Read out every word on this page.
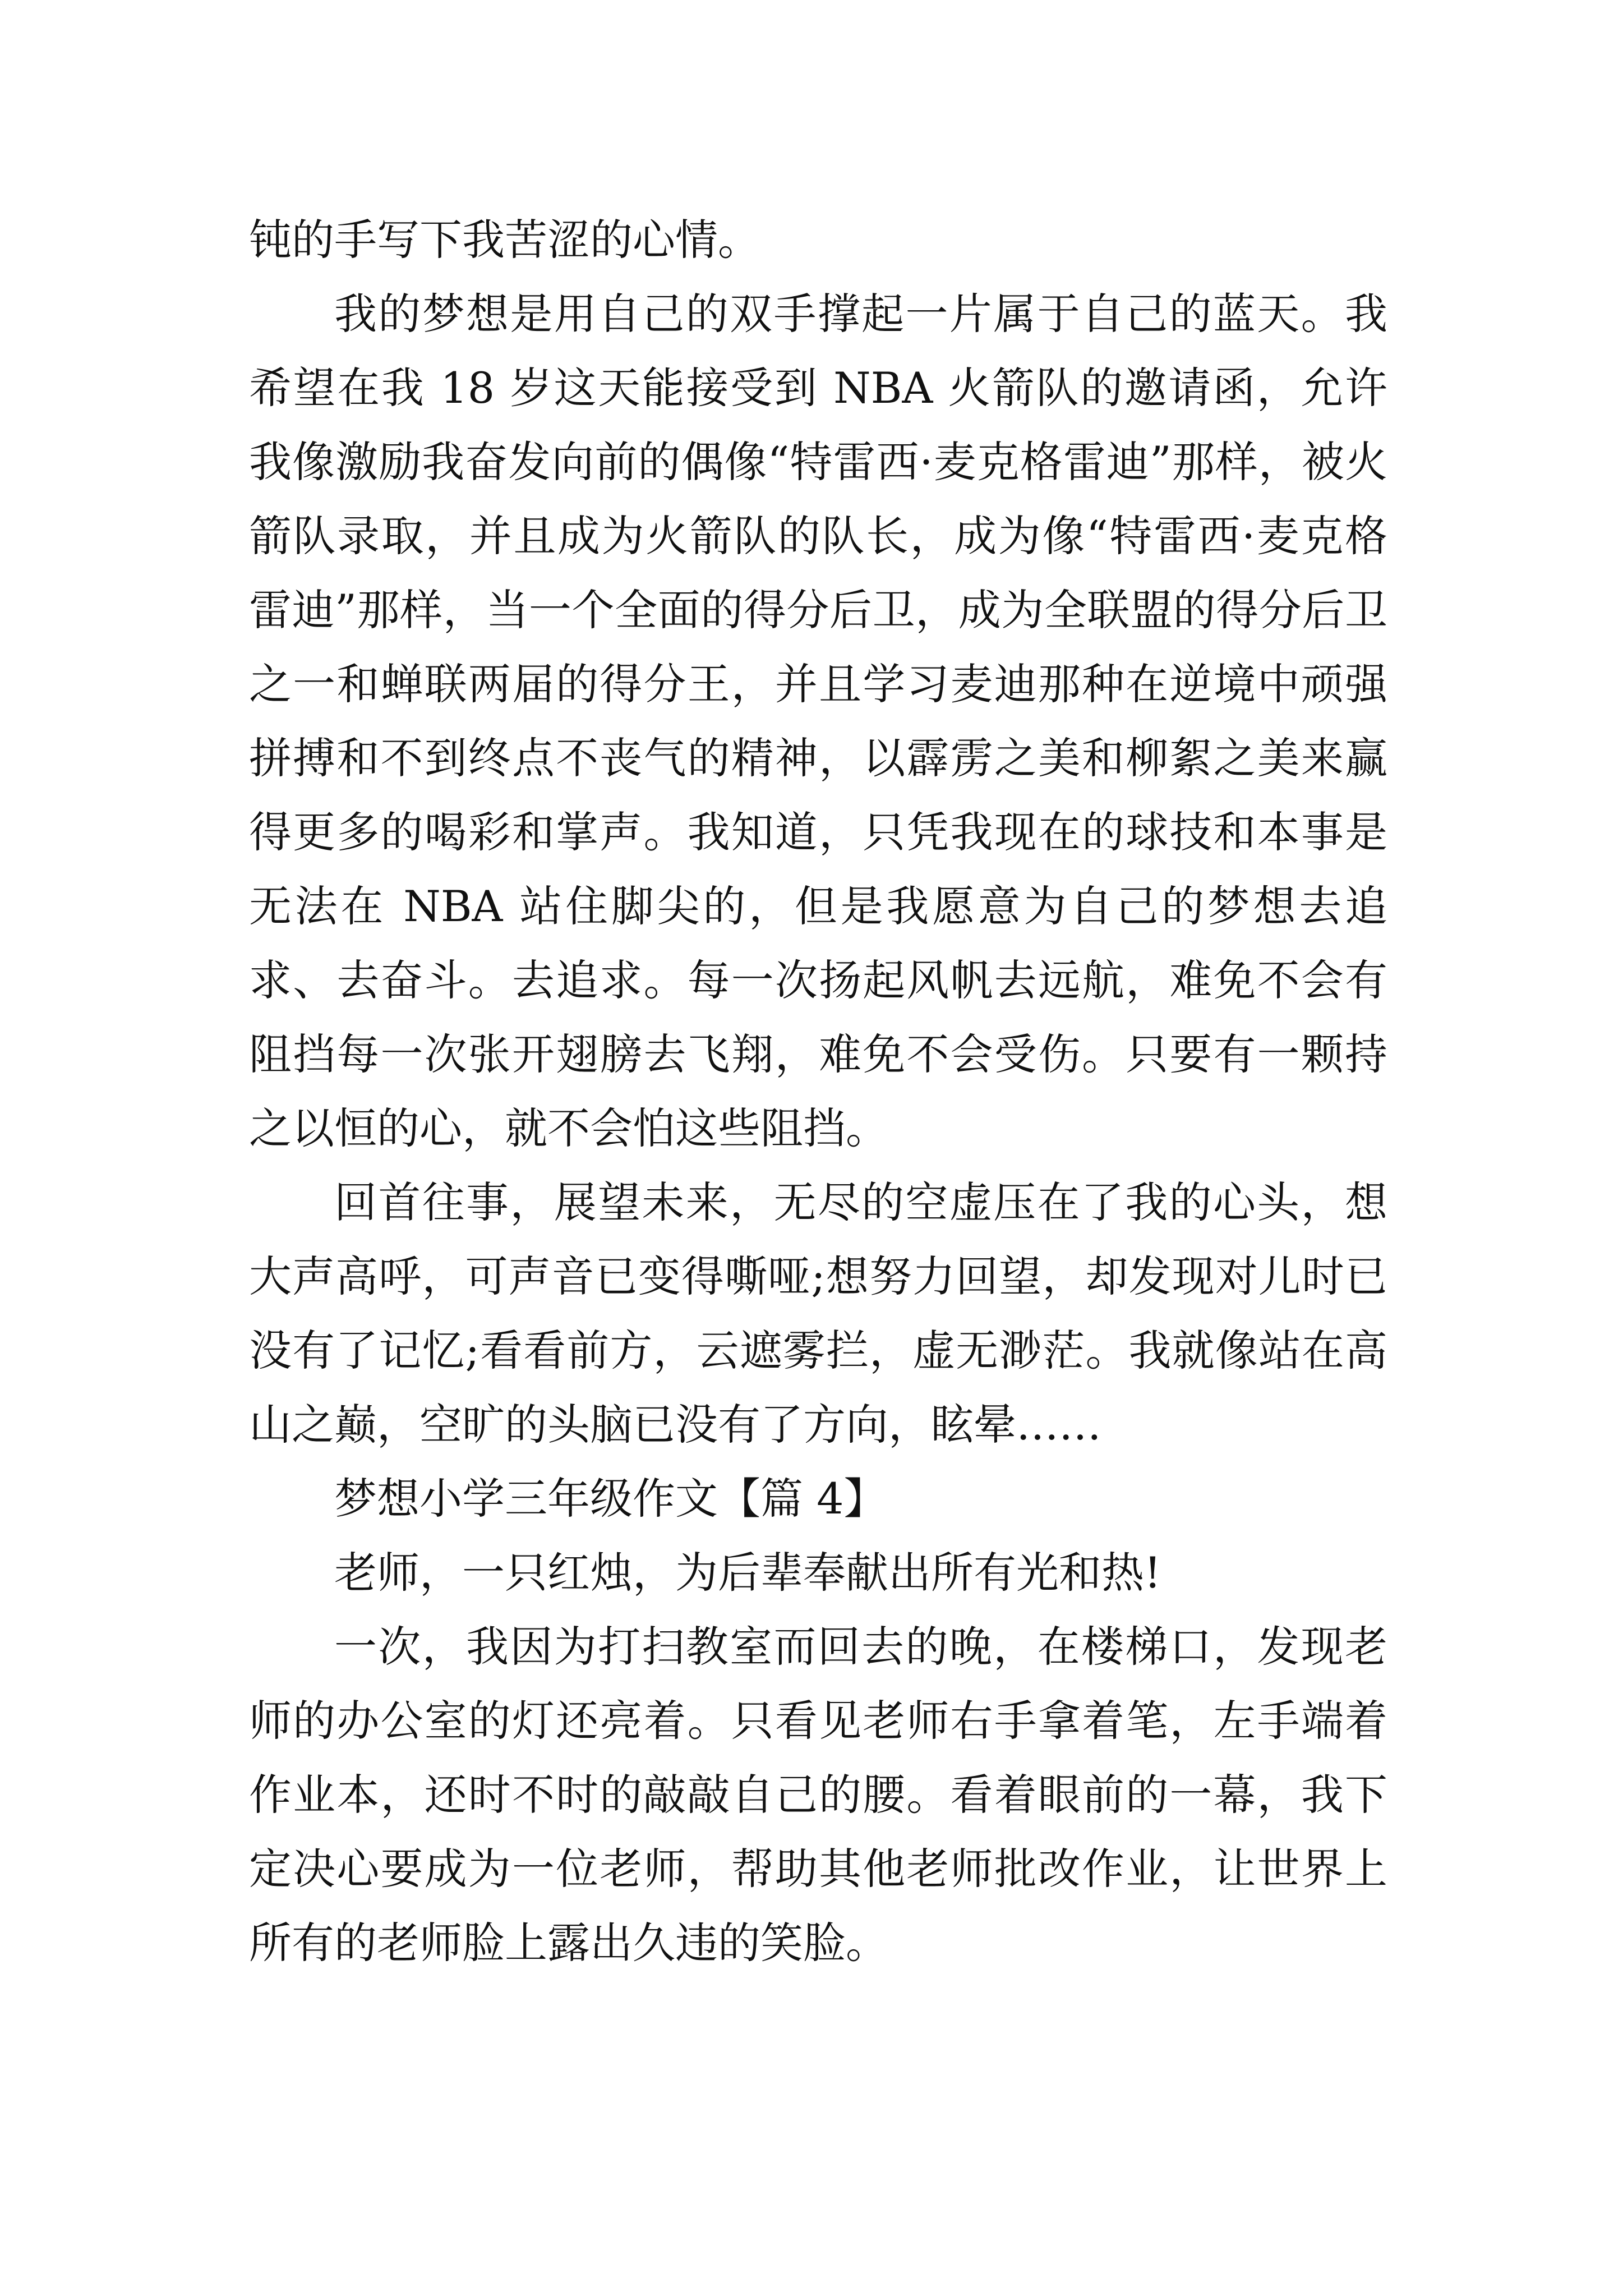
钝的手写下我苦涩的心情。

我的梦想是用自己的双手撑起一片属于自己的蓝天。我希望在我 18 岁这天能接受到 NBA 火箭队的邀请函，允许我像激励我奋发向前的偶像“特雷西·麦克格雷迪”那样，被火箭队录取，并且成为火箭队的队长，成为像“特雷西·麦克格雷迪”那样，当一个全面的得分后卫，成为全联盟的得分后卫之一和蝉联两届的得分王，并且学习麦迪那种在逆境中顽强拼搏和不到终点不丧气的精神，以霹雳之美和柳絮之美来赢得更多的喝彩和掌声。我知道，只凭我现在的球技和本事是无法在 NBA 站住脚尖的，但是我愿意为自己的梦想去追求、去奋斗。去追求。每一次扬起风帆去远航，难免不会有阻挡每一次张开翅膀去飞翔，难免不会受伤。只要有一颗持之以恒的心，就不会怕这些阻挡。

回首往事，展望未来，无尽的空虚压在了我的心头，想大声高呼，可声音已变得嘶哑;想努力回望，却发现对儿时已没有了记忆;看看前方，云遮雾拦，虚无渺茫。我就像站在高山之巅，空旷的头脑已没有了方向，眩晕……

梦想小学三年级作文【篇 4】

老师，一只红烛，为后辈奉献出所有光和热!

一次，我因为打扫教室而回去的晚，在楼梯口，发现老师的办公室的灯还亮着。只看见老师右手拿着笔，左手端着作业本，还时不时的敲敲自己的腰。看着眼前的一幕，我下定决心要成为一位老师，帮助其他老师批改作业，让世界上所有的老师脸上露出久违的笑脸。
